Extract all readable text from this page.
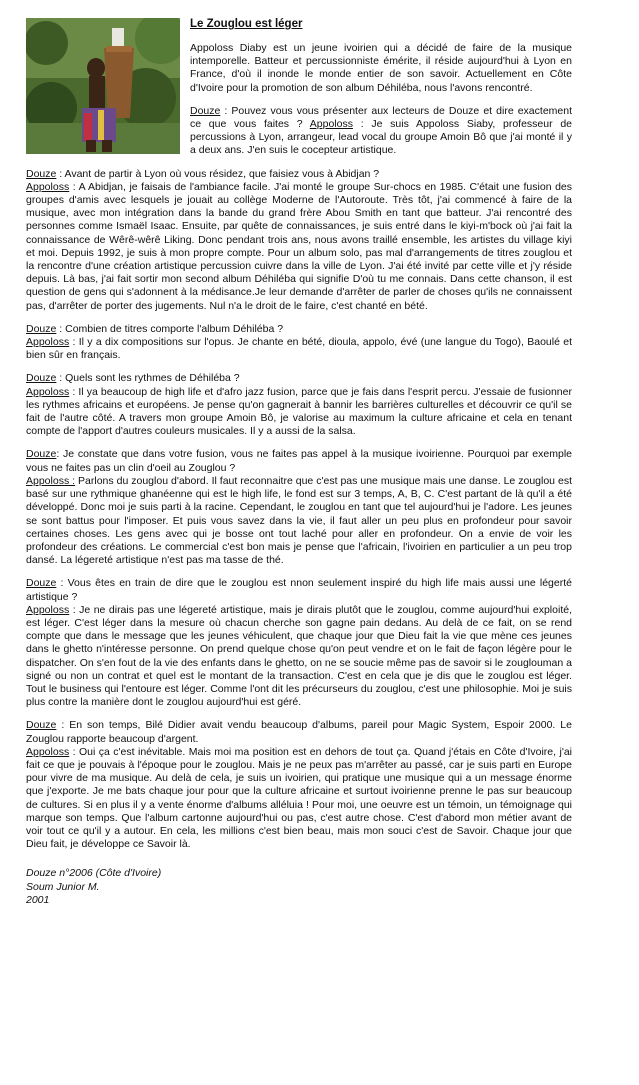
Le Zouglou est léger

Appoloss Diaby est un jeune ivoirien qui a décidé de faire de la musique intemporelle. Batteur et percussionniste émérite, il réside aujourd'hui à Lyon en France, d'où il inonde le monde entier de son savoir. Actuellement en Côte d'Ivoire pour la promotion de son album Déhiléba, nous l'avons rencontré.

Douze : Pouvez vous vous présenter aux lecteurs de Douze et dire exactement ce que vous faites ? Appoloss : Je suis Appoloss Siaby, professeur de percussions à Lyon, arrangeur, lead vocal du groupe Amoin Bô que j'ai monté il y a deux ans. J'en suis le cocepteur artistique.

Douze : Avant de partir à Lyon où vous résidez, que faisiez vous à Abidjan ?

Appoloss : A Abidjan, je faisais de l'ambiance facile. J'ai monté le groupe Sur-chocs en 1985. C'était une fusion des groupes d'amis avec lesquels je jouait au collège Moderne de l'Autoroute. Très tôt, j'ai commencé à faire de la musique, avec mon intégration dans la bande du grand frère Abou Smith en tant que batteur. J'ai rencontré des personnes comme Ismaël Isaac. Ensuite, par quête de connaissances, je suis entré dans le kiyi-m'bock où j'ai fait la connaissance de Wêrê-wêrê Liking. Donc pendant trois ans, nous avons traillé ensemble, les artistes du village kiyi et moi. Depuis 1992, je suis à mon propre compte. Pour un album solo, pas mal d'arrangements de titres zouglou et la rencontre d'une création artistique percussion cuivre dans la ville de Lyon. J'ai été invité par cette ville et j'y réside depuis. Là bas, j'ai fait sortir mon second album Déhiléba qui signifie D'où tu me connais. Dans cette chanson, il est question de gens qui s'adonnent à la médisance.Je leur demande d'arrêter de parler de choses qu'ils ne connaissent pas, d'arrêter de porter des jugements. Nul n'a le droit de le faire, c'est chanté en bété.

Douze : Combien de titres comporte l'album Déhiléba ?

Appoloss : Il y a dix compositions sur l'opus. Je chante en bété, dioula, appolo, évé (une langue du Togo), Baoulé et bien sûr en français.

Douze : Quels sont les rythmes de Déhiléba ?

Appoloss : Il ya beaucoup de high life et d'afro jazz fusion, parce que je fais dans l'esprit percu. J'essaie de fusionner les rythmes africains et européens. Je pense qu'on gagnerait à bannir les barrières culturelles et découvrir ce qu'il se fait de l'autre côté. A travers mon groupe Amoin Bô, je valorise au maximum la culture africaine et cela en tenant compte de l'apport d'autres couleurs musicales. Il y a aussi de la salsa.

Douze: Je constate que dans votre fusion, vous ne faites pas appel à la musique ivoirienne. Pourquoi par exemple vous ne faites pas un clin d'oeil au Zouglou ?

Appoloss : Parlons du zouglou d'abord. Il faut reconnaitre que c'est pas une musique mais une danse. Le zouglou est basé sur une rythmique ghanéenne qui est le high life, le fond est sur 3 temps, A, B, C. C'est partant de là qu'il a été développé. Donc moi je suis parti à la racine. Cependant, le zouglou en tant que tel aujourd'hui je l'adore. Les jeunes se sont battus pour l'imposer. Et puis vous savez dans la vie, il faut aller un peu plus en profondeur pour savoir certaines choses. Les gens avec qui je bosse ont tout laché pour aller en profondeur. On a envie de voir les profondeur des créations. Le commercial c'est bon mais je pense que l'africain, l'ivoirien en particulier a un peu trop dansé. La légereté artistique n'est pas ma tasse de thé.

Douze : Vous êtes en train de dire que le zouglou est nnon seulement inspiré du high life mais aussi une légerté artistique ?

Appoloss : Je ne dirais pas une légereté artistique, mais je dirais plutôt que le zouglou, comme aujourd'hui exploité, est léger. C'est léger dans la mesure où chacun cherche son gagne pain dedans. Au delà de ce fait, on se rend compte que dans le message que les jeunes véhiculent, que chaque jour que Dieu fait la vie que mène ces jeunes dans le ghetto n'intéresse personne. On prend quelque chose qu'on peut vendre et on le fait de façon légère pour le dispatcher. On s'en fout de la vie des enfants dans le ghetto, on ne se soucie même pas de savoir si le zouglouman a signé ou non un contrat et quel est le montant de la transaction. C'est en cela que je dis que le zouglou est léger. Tout le business qui l'entoure est léger. Comme l'ont dit les précurseurs du zouglou, c'est une philosophie. Moi je suis plus contre la manière dont le zouglou aujourd'hui est géré.

Douze : En son temps, Bilé Didier avait vendu beaucoup d'albums, pareil pour Magic System, Espoir 2000. Le Zouglou rapporte beaucoup d'argent.

Appoloss : Oui ça c'est inévitable. Mais moi ma position est en dehors de tout ça. Quand j'étais en Côte d'Ivoire, j'ai fait ce que je pouvais à l'époque pour le zouglou. Mais je ne peux pas m'arrêter au passé, car je suis parti en Europe pour vivre de ma musique. Au delà de cela, je suis un ivoirien, qui pratique une musique qui a un message énorme que j'exporte. Je me bats chaque jour pour que la culture africaine et surtout ivoirienne prenne le pas sur beaucoup de cultures. Si en plus il y a vente énorme d'albums alléluia ! Pour moi, une oeuvre est un témoin, un témoignage qui marque son temps. Que l'album cartonne aujourd'hui ou pas, c'est autre chose. C'est d'abord mon métier avant de voir tout ce qu'il y a autour. En cela, les millions c'est bien beau, mais mon souci c'est de Savoir. Chaque jour que Dieu fait, je développe ce Savoir là.

Douze n°2006 (Côte d'Ivoire)
Soum Junior M.
2001
